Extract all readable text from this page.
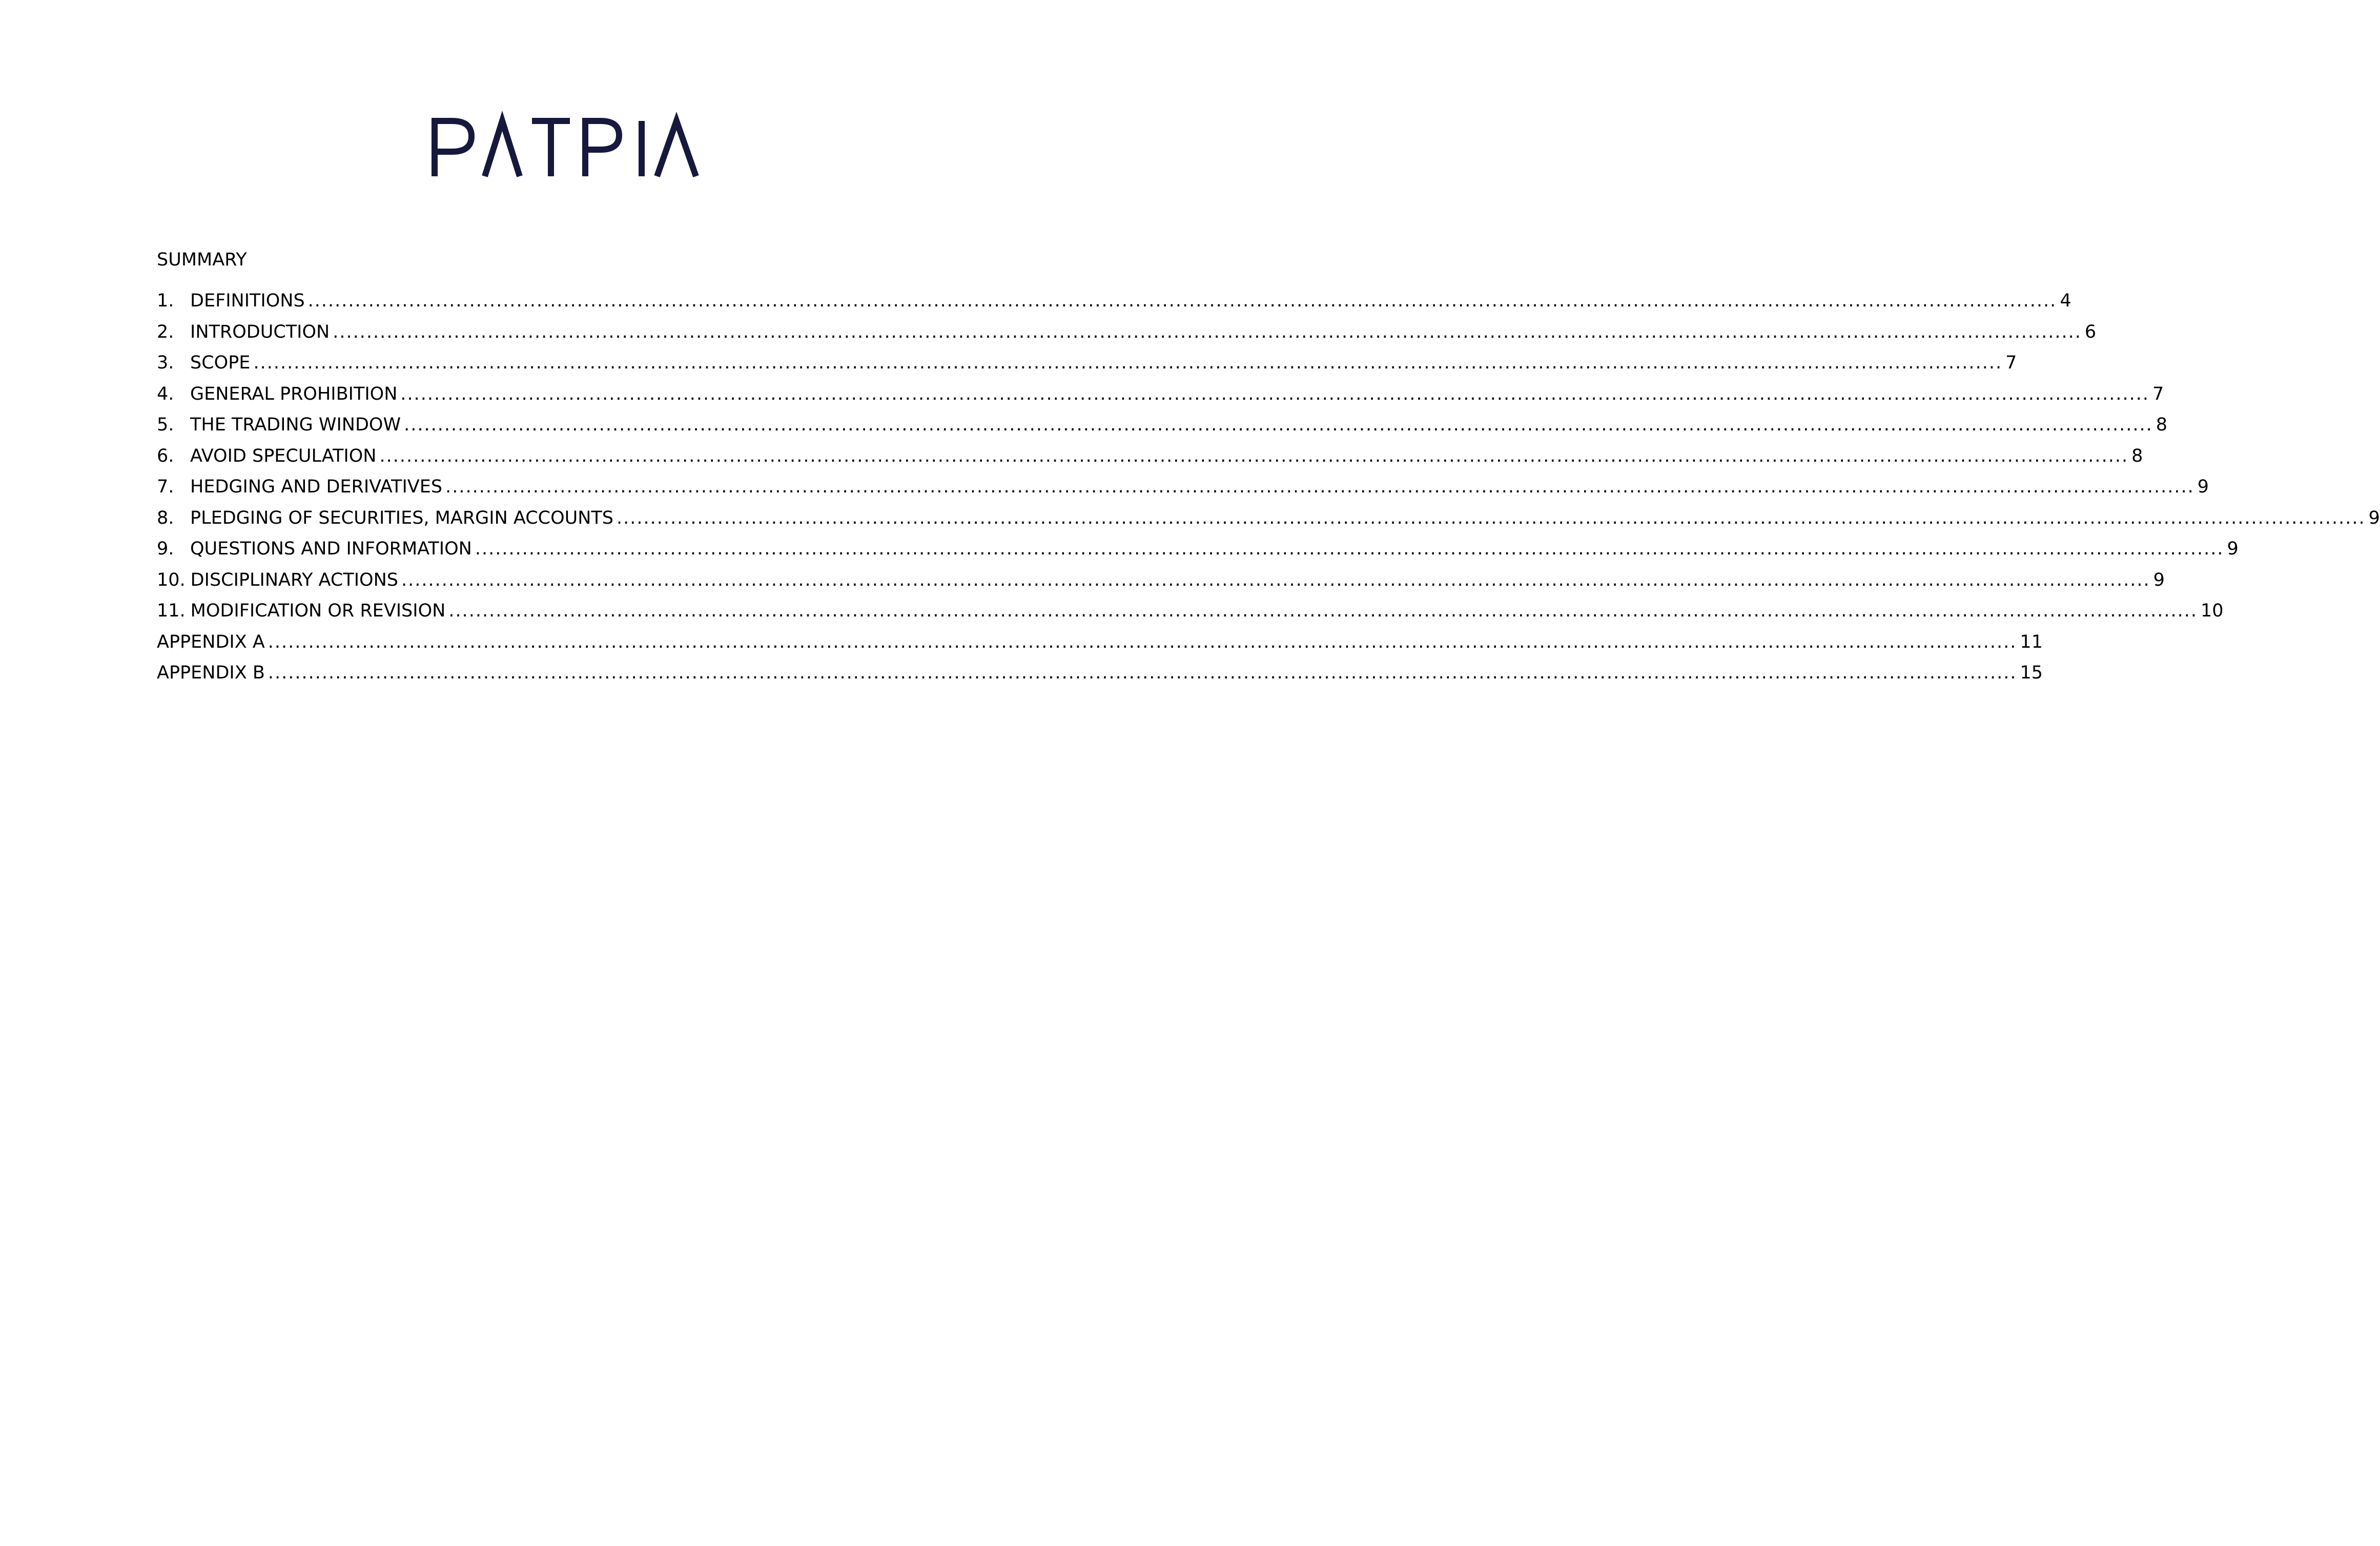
SUMMARY
1. DEFINITIONS .................................................................................................................................................................................................................................................................... 4
2. INTRODUCTION .................................................................................................................................................................................................................................................................... 6
3. SCOPE .................................................................................................................................................................................................................................................................... 7
4. GENERAL PROHIBITION .................................................................................................................................................................................................................................................................... 7
5. THE TRADING WINDOW .................................................................................................................................................................................................................................................................... 8
6. AVOID SPECULATION .................................................................................................................................................................................................................................................................... 8
7. HEDGING AND DERIVATIVES .................................................................................................................................................................................................................................................................... 9
8. PLEDGING OF SECURITIES, MARGIN ACCOUNTS .................................................................................................................................................................................................................................................................... 9
9. QUESTIONS AND INFORMATION .................................................................................................................................................................................................................................................................... 9
10. DISCIPLINARY ACTIONS .................................................................................................................................................................................................................................................................... 9
11. MODIFICATION OR REVISION .................................................................................................................................................................................................................................................................... 10
APPENDIX A .................................................................................................................................................................................................................................................................... 11
APPENDIX B .................................................................................................................................................................................................................................................................... 15
